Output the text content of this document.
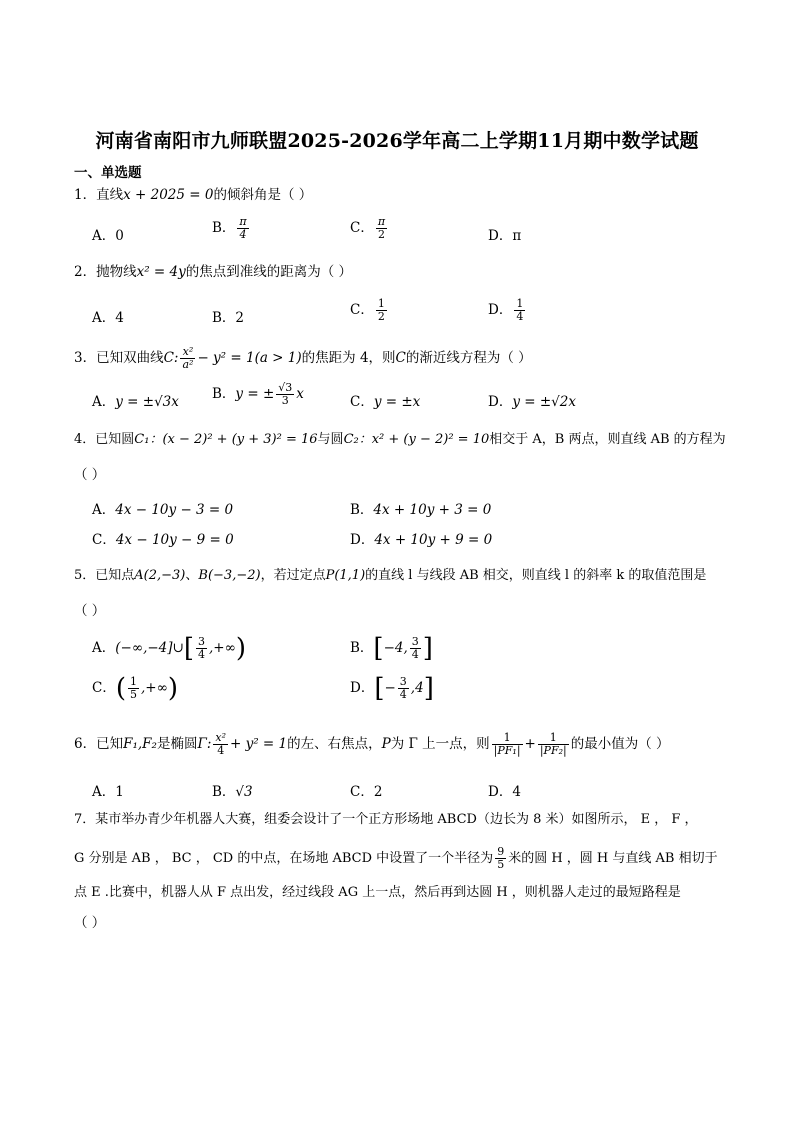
河南省南阳市九师联盟2025-2026学年高二上学期11月期中数学试题
一、单选题
1．直线x + 2025 = 0的倾斜角是（ ）
A．0	B． $\frac{\pi}{4}$	C． $\frac{\pi}{2}$	D．π
2．抛物线x² = 4y的焦点到准线的距离为（ ）
A．4	B．2	C． $\frac{1}{2}$	D． $\frac{1}{4}$
3．已知双曲线C: $\frac{\text{x²}}{\text{a²}} - y^2 = 1(a > 1)$的焦距为 4，则C的渐近线方程为（ ）
A．y = ±√3x B．y = ± $\frac{√3}{3}$ x	C．y = ±x	D．y = ±√2x
4．已知圆C₁：(x − 2)² + (y + 3)² = 16与圆C₂：x² + (y − 2)² = 10相交于 A，B 两点，则直线 AB 的方程为
（ ）
A．4x − 10y − 3 = 0	B．4x + 10y + 3 = 0
C．4x − 10y − 9 = 0	D．4x + 10y + 9 = 0
5．已知点A(2,−3)、B(−3,−2)，若过定点P(1,1)的直线 l 与线段 AB 相交，则直线 l 的斜率 k 的取值范围是
（ ）
A．(−∞,−4]∪[ $\frac{3}{4}$ ,+∞)	B．[−4, $\frac{3}{4}$ ]
C．( $\frac{1}{5}$ ,+∞)	D．[− $\frac{3}{4} ,4$]
6．已知F₁,F₂是椭圆Γ: $\frac{\text{x²}}{4} + y^2 = 1$的左、右焦点，P为 Γ 上一点，则 $\frac{1}{\text{|PF₁|}} + \frac{1}{\text{|PF₂|}}$ 的最小值为（ ）
A．1	B．√3	C．2	D．4
7．某市举办青少年机器人大赛，组委会设计了一个正方形场地 ABCD（边长为 8 米）如图所示， E ， F ，
G 分别是 AB ， BC ， CD 的中点，在场地 ABCD 中设置了一个半径为 $\frac{9}{5}$ 米的圆 H ，圆 H 与直线 AB 相切于
点 E .比赛中，机器人从 F 点出发，经过线段 AG 上一点，然后再到达圆 H ，则机器人走过的最短路程是
（ ）
